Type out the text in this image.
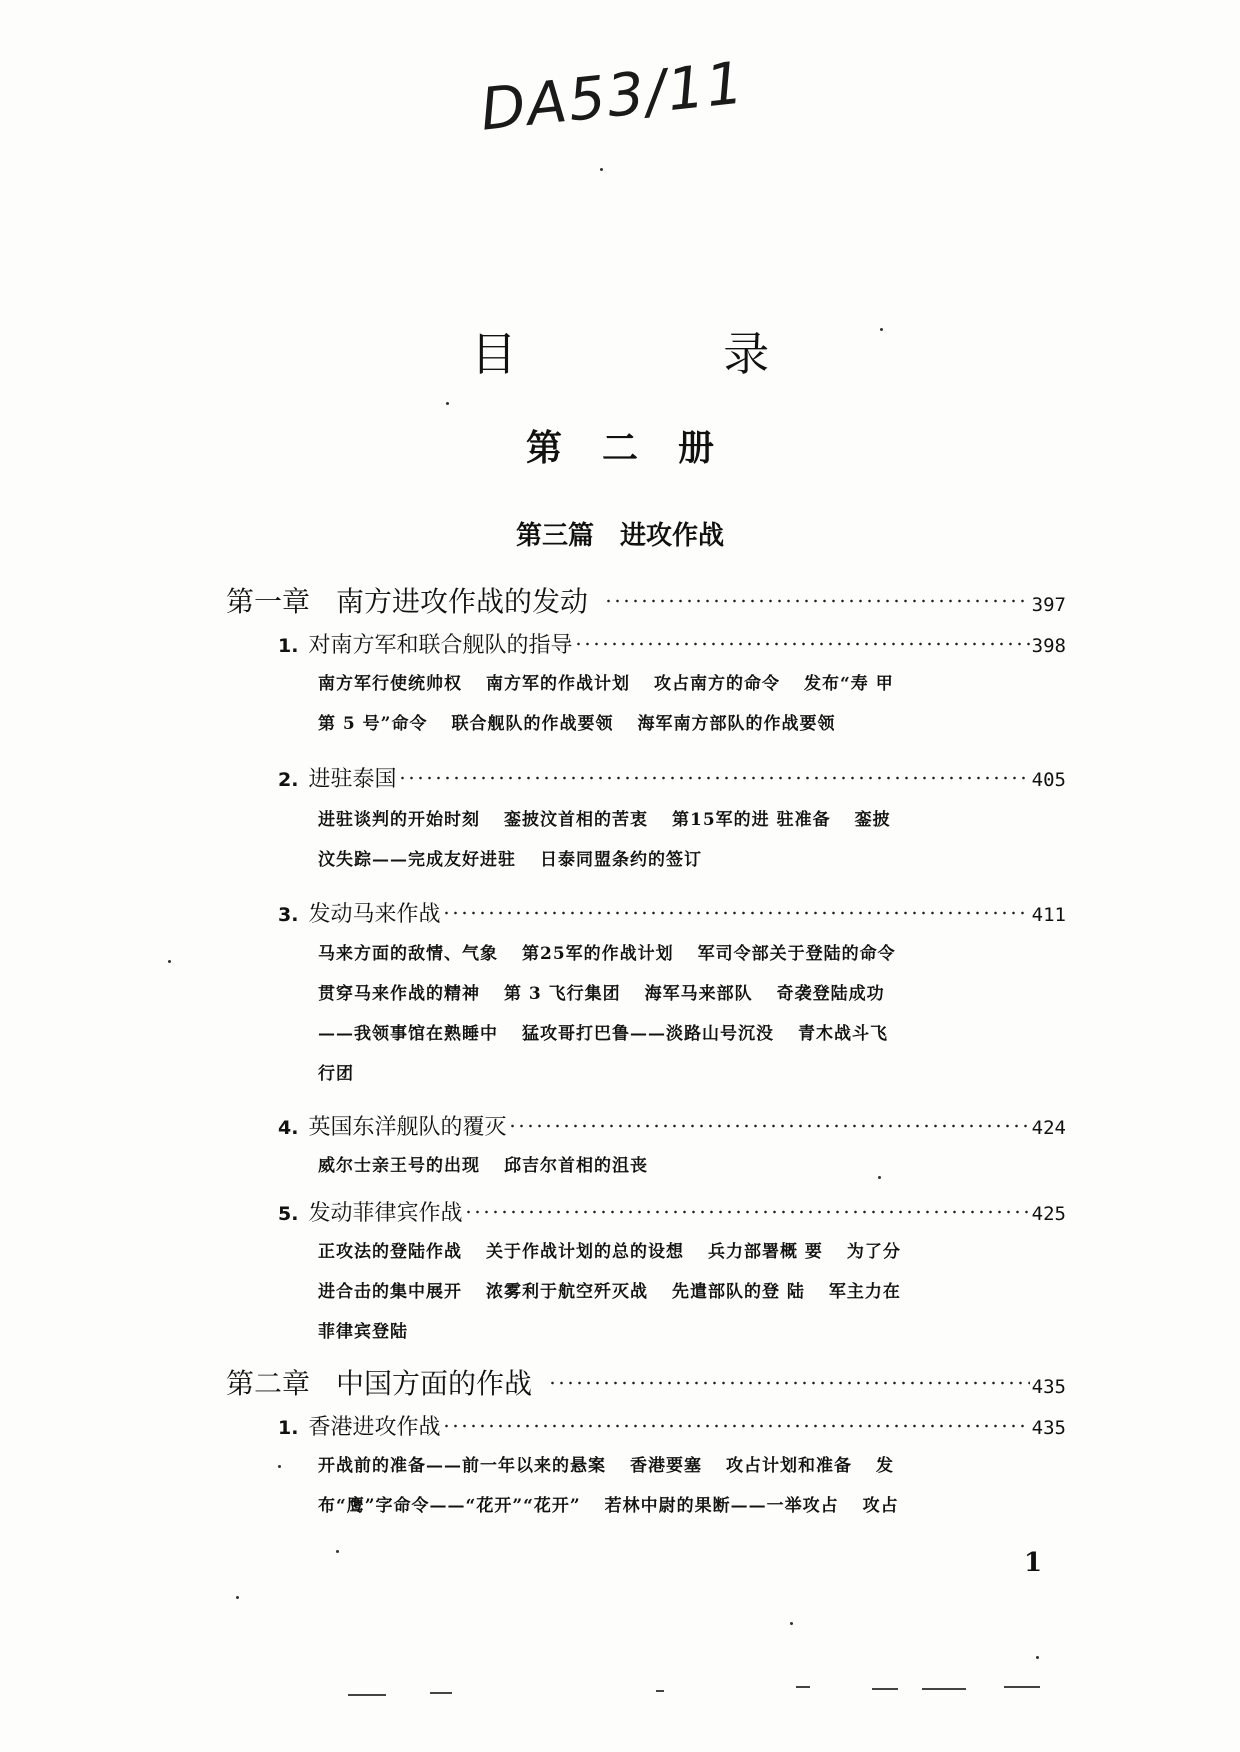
DA53/11
目 录
第二册
第三篇 进攻作战
第一章 南方进攻作战的发动	397
1. 对南方军和联合舰队的指导	398
南方军行使统帅权 南方军的作战计划 攻占南方的命令 发布“寿 甲
第 5 号”命令 联合舰队的作战要领 海军南方部队的作战要领
2. 进驻泰国	405
进驻谈判的开始时刻 銮披汶首相的苦衷 第15军的进 驻准备 銮披
汶失踪——完成友好进驻 日泰同盟条约的签订
3. 发动马来作战	411
马来方面的敌情、气象 第25军的作战计划 军司令部关于登陆的命令
贯穿马来作战的精神 第 3 飞行集团 海军马来部队 奇袭登陆成功
——我领事馆在熟睡中 猛攻哥打巴鲁——淡路山号沉没 青木战斗飞
行团
4. 英国东洋舰队的覆灭	424
威尔士亲王号的出现 邱吉尔首相的沮丧
5. 发动菲律宾作战	425
正攻法的登陆作战 关于作战计划的总的设想 兵力部署概 要 为了分
进合击的集中展开 浓雾利于航空歼灭战 先遣部队的登 陆 军主力在
菲律宾登陆
第二章 中国方面的作战	435
1. 香港进攻作战	435
开战前的准备——前一年以来的悬案 香港要塞 攻占计划和准备 发
布“鹰”字命令——“花开”“花开” 若林中尉的果断——一举攻占 攻占
1
